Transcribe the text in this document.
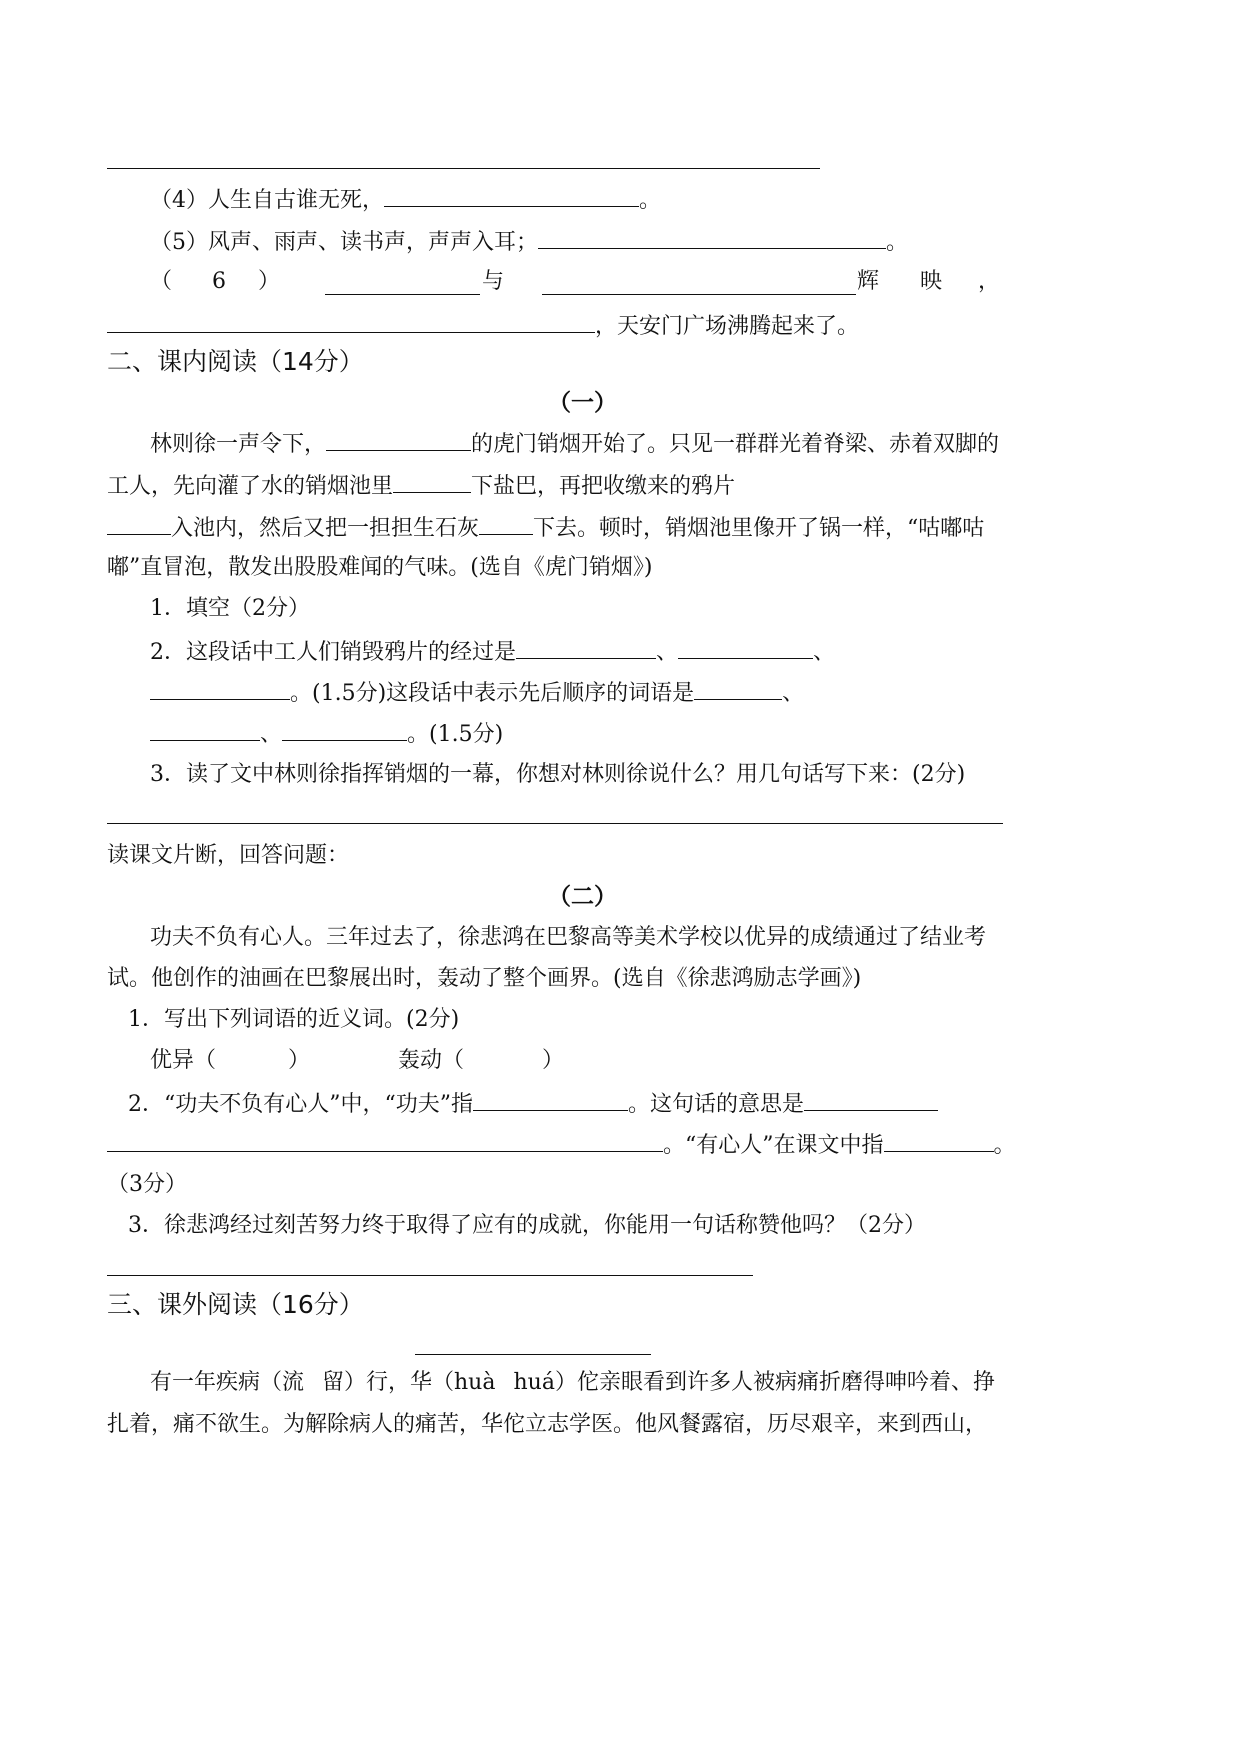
（4）人生自古谁无死，	。
（5）风声、雨声、读书声，声声入耳；	。
（ 6 ）	与	辉 映 ，
，天安门广场沸腾起来了。
二、课内阅读（14分）
（一）
林则徐一声令下，	的虎门销烟开始了。只见一群群光着脊梁、赤着双脚的
工人，先向灌了水的销烟池里	下盐巴，再把收缴来的鸦片
入池内，然后又把一担担生石灰 下去。顿时，销烟池里像开了锅一样，“咕嘟咕
嘟”直冒泡，散发出股股难闻的气味。(选自《虎门销烟》)
1．填空（2分）
2．这段话中工人们销毁鸦片的经过是	、	、
。(1.5分)这段话中表示先后顺序的词语是	、
、	。(1.5分)
3．读了文中林则徐指挥销烟的一幕，你想对林则徐说什么？用几句话写下来：(2分)
读课文片断，回答问题：
（二）
功夫不负有心人。三年过去了，徐悲鸿在巴黎高等美术学校以优异的成绩通过了结业考
试。他创作的油画在巴黎展出时，轰动了整个画界。(选自《徐悲鸿励志学画》)
1．写出下列词语的近义词。(2分)
优异（	）	轰动（	）
2．“功夫不负有心人”中，“功夫”指	。这句话的意思是
。“有心人”在课文中指	。
（3分）
3．徐悲鸿经过刻苦努力终于取得了应有的成就，你能用一句话称赞他吗？（2分）
三、课外阅读（16分）
有一年疾病（流 留）行，华（huà huá）佗亲眼看到许多人被病痛折磨得呻吟着、挣
扎着，痛不欲生。为解除病人的痛苦，华佗立志学医。他风餐露宿，历尽艰辛，来到西山，
